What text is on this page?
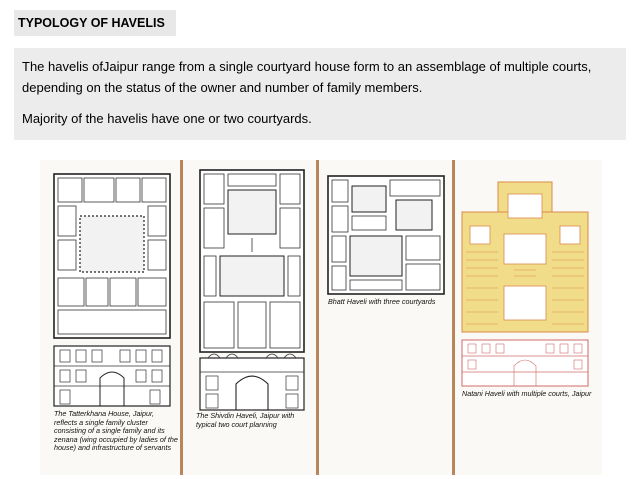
TYPOLOGY OF HAVELIS

The havelis ofJaipur range from a single courtyard house form to an assemblage of multiple courts, depending on the status of the owner and number of family members.

Majority of the havelis have one or two courtyards.

The Tatterkhana House, Jaipur, reflects a single family cluster consisting of a single family and its zenana (wing occupied by ladies of the house) and infrastructure of servants
The Shivdin Haveli, Jaipur with typical two court planning
Bhatt Haveli with three courtyards
Natani Haveli with multiple courts, Jaipur
